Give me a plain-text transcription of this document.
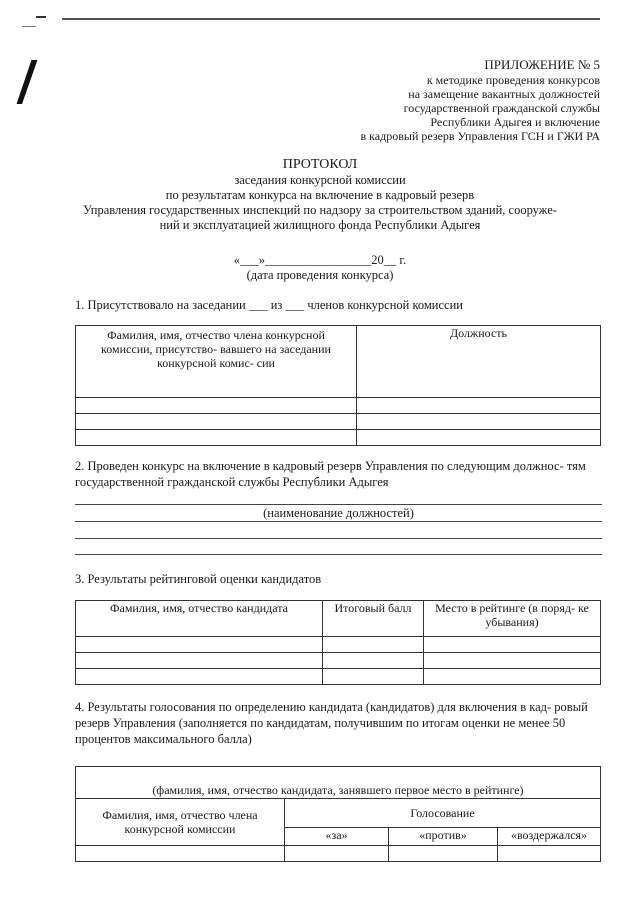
ПРИЛОЖЕНИЕ № 5
к методике проведения конкурсов
на замещение вакантных должностей
государственной гражданской службы
Республики Адыгея и включение
в кадровый резерв Управления ГСН и ГЖИ РА
ПРОТОКОЛ
заседания конкурсной комиссии
по результатам конкурса на включение в кадровый резерв
Управления государственных инспекций по надзору за строительством зданий, сооруже-
ний и эксплуатацией жилищного фонда Республики Адыгея
«___»_________________20__ г.
(дата проведения конкурса)
1. Присутствовало на заседании ___ из ___ членов конкурсной комиссии
Фамилия, имя, отчество члена конкурсной комиссии, присутство- вавшего на заседании конкурсной комис- сии	Должность

2. Проведен конкурс на включение в кадровый резерв Управления по следующим должнос- тям государственной гражданской службы Республики Адыгея
(наименование должностей)
3. Результаты рейтинговой оценки кандидатов
Фамилия, имя, отчество кандидата	Итоговый балл	Место в рейтинге (в поряд- ке убывания)

4. Результаты голосования по определению кандидата (кандидатов) для включения в кад- ровый резерв Управления (заполняется по кандидатам, получившим по итогам оценки не менее 50 процентов максимального балла)
(фамилия, имя, отчество кандидата, занявшего первое место в рейтинге)			
Фамилия, имя, отчество члена конкурсной комиссии	Голосование		
	«за»	«против»	«воздержался»
